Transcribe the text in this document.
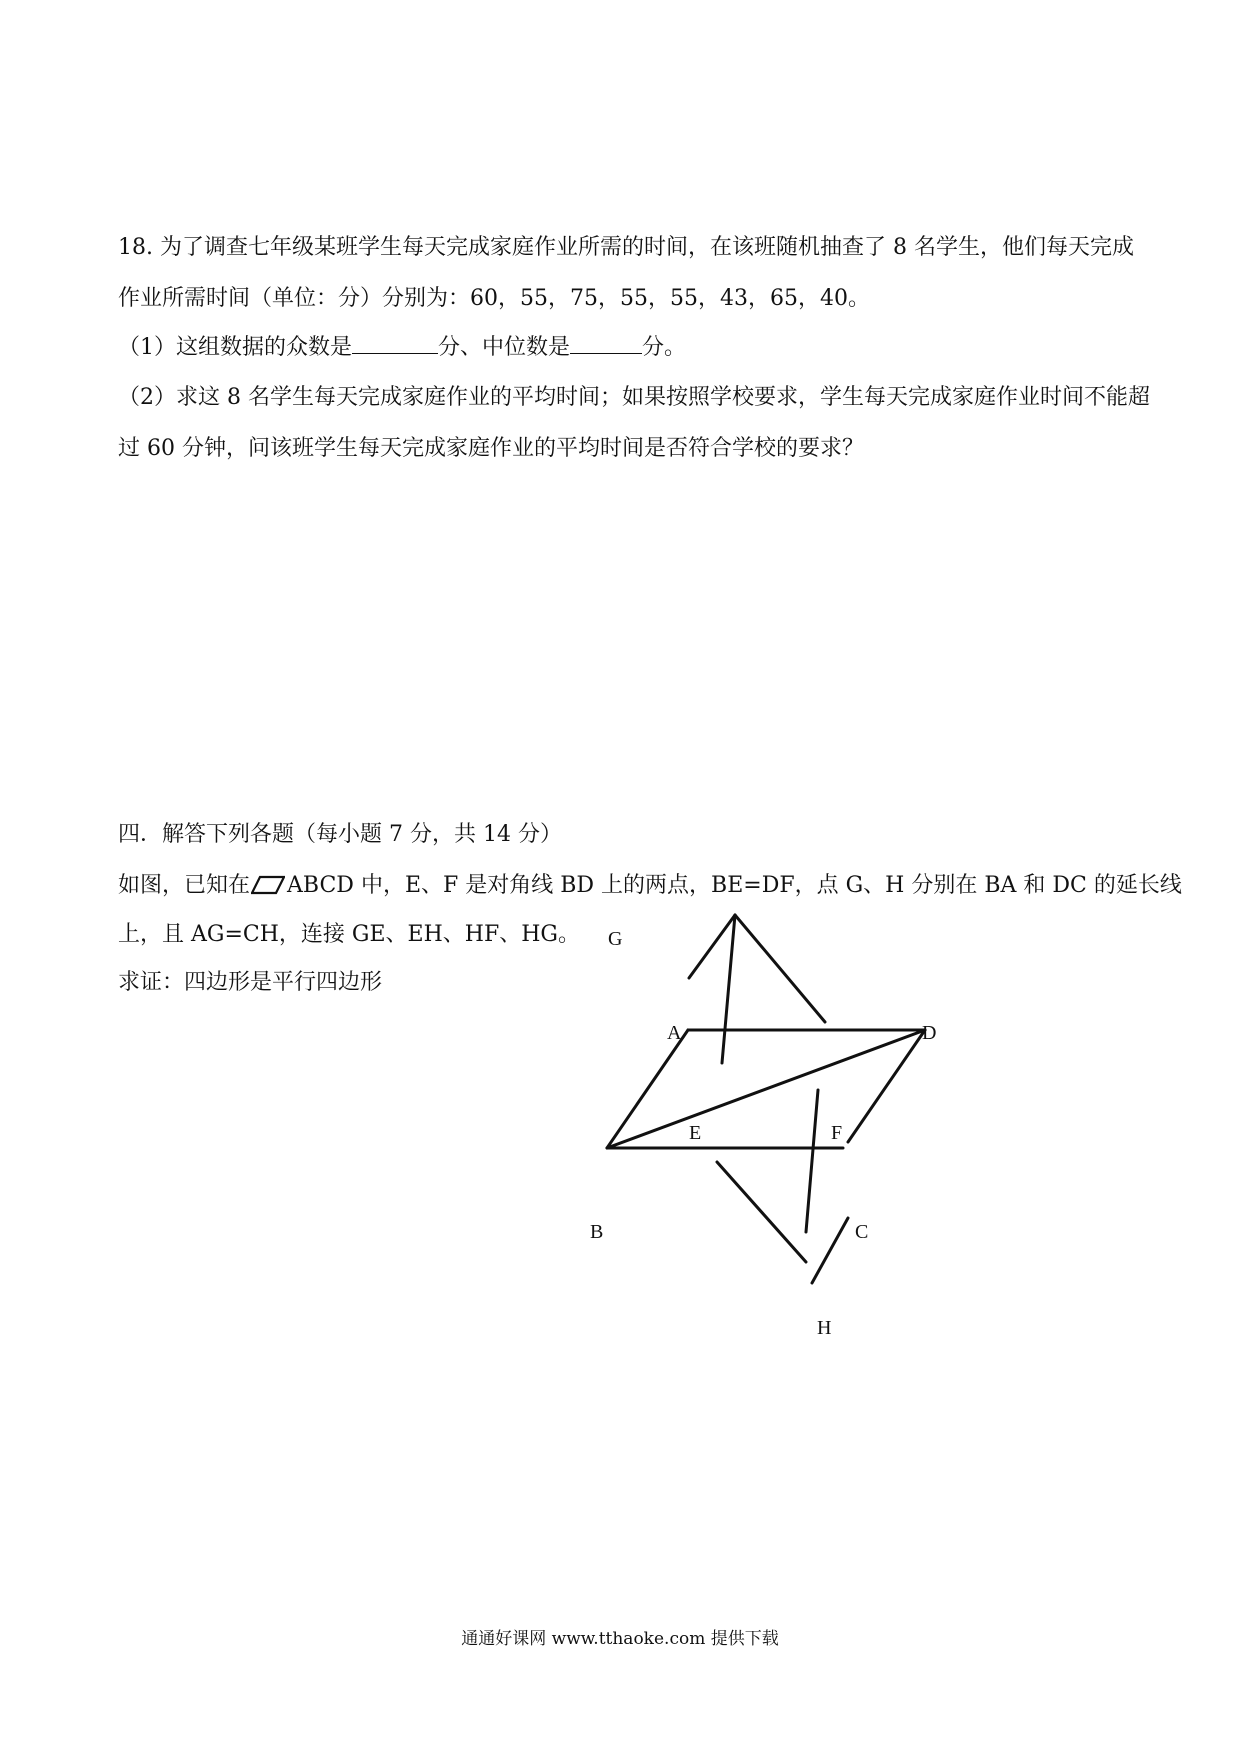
18. 为了调查七年级某班学生每天完成家庭作业所需的时间，在该班随机抽查了 8 名学生，他们每天完成
作业所需时间（单位：分）分别为：60，55，75，55，55，43，65，40。
（1）这组数据的众数是	分、中位数是	分。
（2）求这 8 名学生每天完成家庭作业的平均时间；如果按照学校要求，学生每天完成家庭作业时间不能超
过 60 分钟，问该班学生每天完成家庭作业的平均时间是否符合学校的要求？
四．解答下列各题（每小题 7 分，共 14 分）
如图，已知在 ABCD 中，E、F 是对角线 BD 上的两点，BE=DF，点 G、H 分别在 BA 和 DC 的延长线
上，且 AG=CH，连接 GE、EH、HF、HG。
求证：四边形是平行四边形
G
A	D
E	F
B	C
H
通通好课网 www.tthaoke.com 提供下载
